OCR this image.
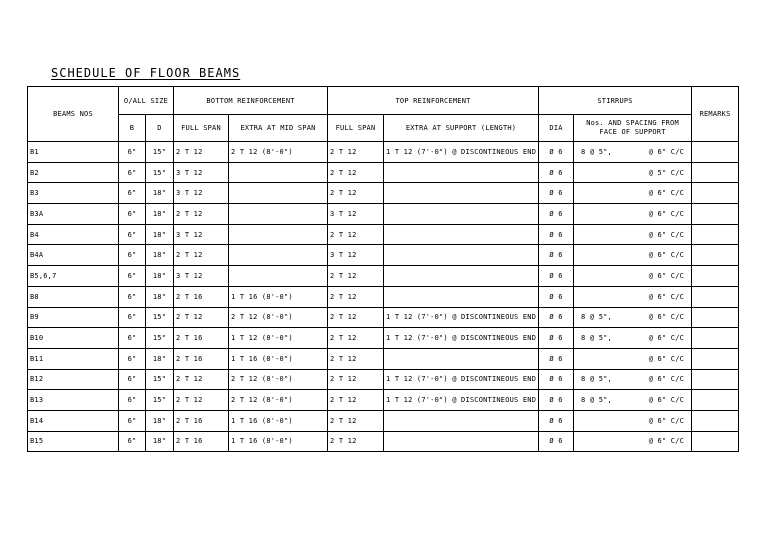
SCHEDULE OF FLOOR BEAMS
BEAMS NOS	O/ALL SIZE		BOTTOM REINFORCEMENT		TOP REINFORCEMENT		STIRRUPS		REMARKS
	B	D	FULL SPAN	EXTRA AT MID SPAN	FULL SPAN	EXTRA AT SUPPORT (LENGTH)	DIA	Nos. AND SPACING FROM FACE OF SUPPORT	
B1	6"	15"	2 T 12	2 T 12 (8'-0")	2 T 12	1 T 12 (7'-0") @ DISCONTINEOUS END	Ø 6	8 @ 5", @ 6" C/C	

B2	6"	15"	3 T 12		2 T 12		Ø 6	@ 5" C/C	

B3	6"	18"	3 T 12		2 T 12		Ø 6	@ 6" C/C	

B3A	6"	18"	2 T 12		3 T 12		Ø 6	@ 6" C/C	

B4	6"	18"	3 T 12		2 T 12		Ø 6	@ 6" C/C	

B4A	6"	18"	2 T 12		3 T 12		Ø 6	@ 6" C/C	

B5,6,7	6"	18"	3 T 12		2 T 12		Ø 6	@ 6" C/C	

B8	6"	18"	2 T 16	1 T 16 (8'-0")	2 T 12		Ø 6	@ 6" C/C	

B9	6"	15"	2 T 12	2 T 12 (8'-0")	2 T 12	1 T 12 (7'-0") @ DISCONTINEOUS END	Ø 6	8 @ 5", @ 6" C/C	

B10	6"	15"	2 T 16	1 T 12 (8'-0")	2 T 12	1 T 12 (7'-0") @ DISCONTINEOUS END	Ø 6	8 @ 5", @ 6" C/C	

B11	6"	18"	2 T 16	1 T 16 (8'-0")	2 T 12		Ø 6	@ 6" C/C	

B12	6"	15"	2 T 12	2 T 12 (8'-0")	2 T 12	1 T 12 (7'-0") @ DISCONTINEOUS END	Ø 6	8 @ 5", @ 6" C/C	

B13	6"	15"	2 T 12	2 T 12 (8'-0")	2 T 12	1 T 12 (7'-0") @ DISCONTINEOUS END	Ø 6	8 @ 5", @ 6" C/C	

B14	6"	18"	2 T 16	1 T 16 (8'-0")	2 T 12		Ø 6	@ 6" C/C	

B15	6"	18"	2 T 16	1 T 16 (8'-0")	2 T 12		Ø 6	@ 6" C/C	
